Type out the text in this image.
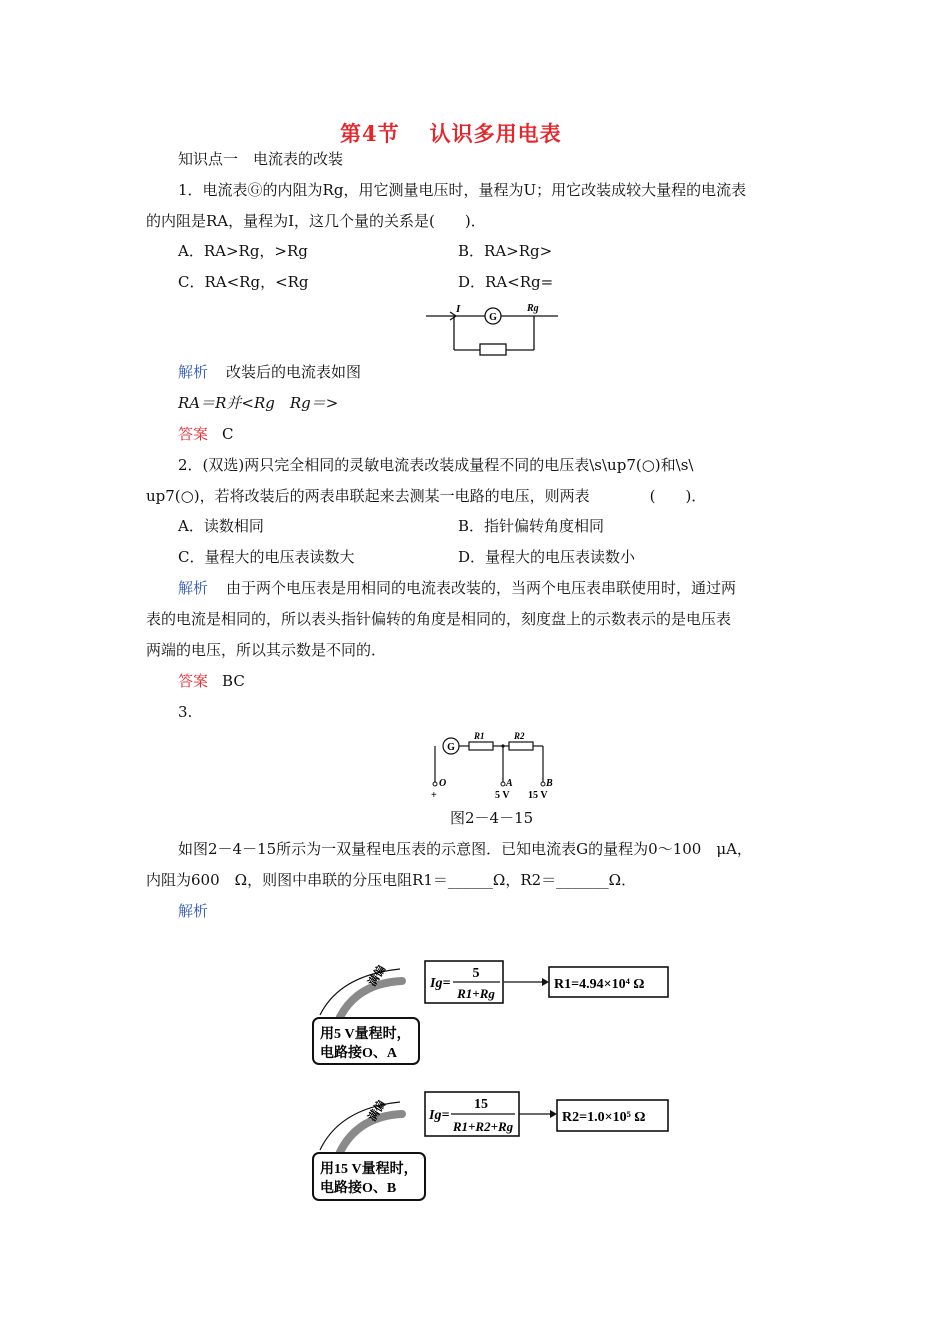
第4节 认识多用电表
知识点一　电流表的改装
1．电流表Ⓖ的内阻为Rg，用它测量电压时，量程为U；用它改装成较大量程的电流表
的内阻是RA，量程为I，这几个量的关系是(　　)．
A．RA>Rg，>Rg	B．RA>Rg>
C．RA<Rg，<Rg	D．RA<Rg=
G
I	Rg
解析 改装后的电流表如图
RA＝R并<Rg　Rg＝>
答案 C
2．(双选)两只完全相同的灵敏电流表改装成量程不同的电压表\s\up7(○)和\s\
up7(○)，若将改装后的两表串联起来去测某一电路的电压，则两表　　　　(　　)．
A．读数相同	B．指针偏转角度相同
C．量程大的电压表读数大	D．量程大的电压表读数小
解析 由于两个电压表是用相同的电流表改装的，当两个电压表串联使用时，通过两
表的电流是相同的，所以表头指针偏转的角度是相同的，刻度盘上的示数表示的是电压表
两端的电压，所以其示数是不同的．
答案 BC
3.
G
R1	R2
O	A	B
+	5 V 15 V
图2－4－15
如图2－4－15所示为一双量程电压表的示意图．已知电流表G的量程为0～100　μA，
内阻为600　Ω，则图中串联的分压电阻R1＝______Ω，R2＝_______Ω．
解析
用5 V量程时，
电路接O、A
满偏	Ig=
5
R1+Rg
R1=4.94×10⁴ Ω
用15 V量程时，
电路接O、B
满偏	Ig=
15
R1+R2+Rg
R2=1.0×10⁵ Ω
